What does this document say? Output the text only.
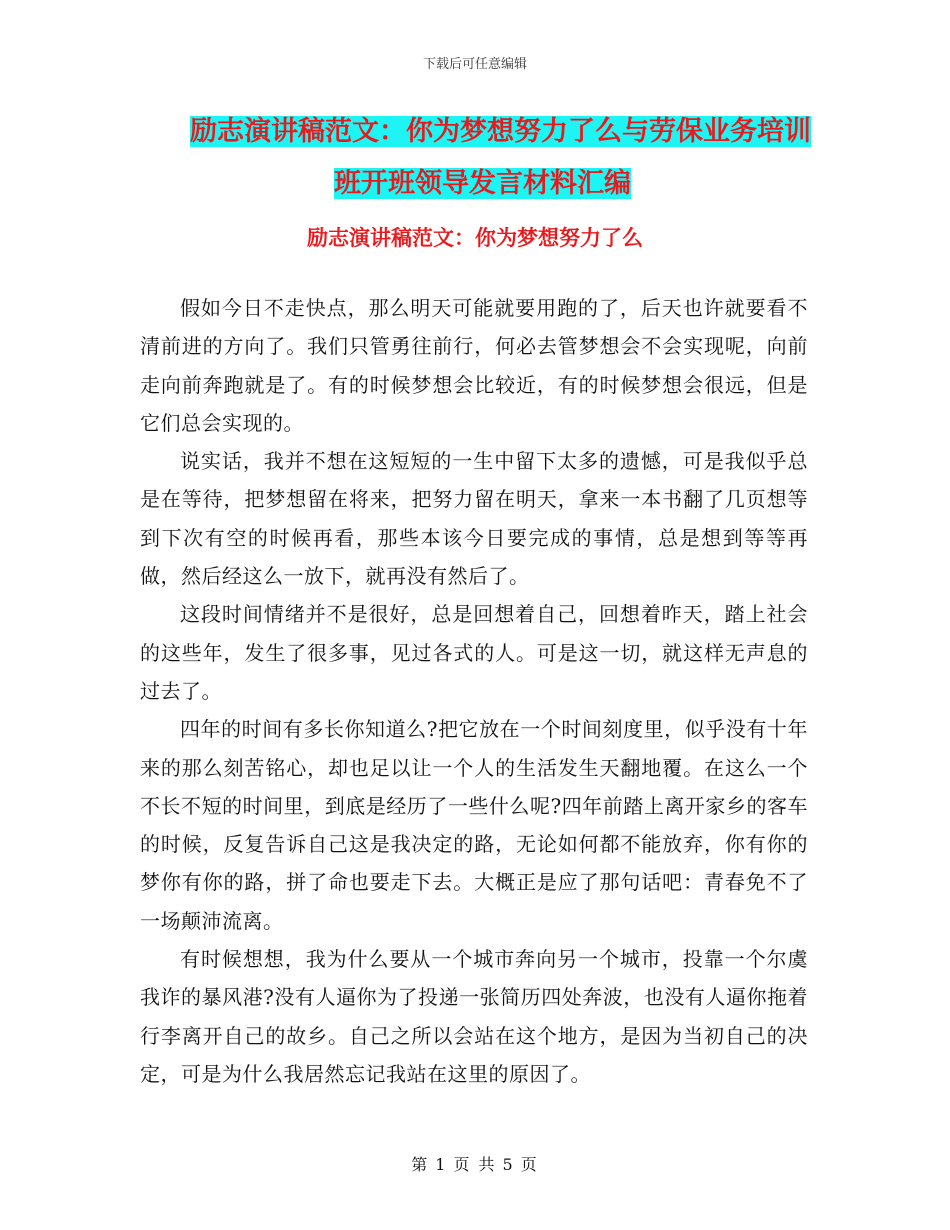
下载后可任意编辑
励志演讲稿范文：你为梦想努力了么与劳保业务培训
班开班领导发言材料汇编
励志演讲稿范文：你为梦想努力了么

假如今日不走快点，那么明天可能就要用跑的了，后天也许就要看不清前进的方向了。我们只管勇往前行，何必去管梦想会不会实现呢，向前走向前奔跑就是了。有的时候梦想会比较近，有的时候梦想会很远，但是它们总会实现的。

说实话，我并不想在这短短的一生中留下太多的遗憾，可是我似乎总是在等待，把梦想留在将来，把努力留在明天，拿来一本书翻了几页想等到下次有空的时候再看，那些本该今日要完成的事情，总是想到等等再做，然后经这么一放下，就再没有然后了。

这段时间情绪并不是很好，总是回想着自己，回想着昨天，踏上社会的这些年，发生了很多事，见过各式的人。可是这一切，就这样无声息的过去了。

四年的时间有多长你知道么?把它放在一个时间刻度里，似乎没有十年来的那么刻苦铭心，却也足以让一个人的生活发生天翻地覆。在这么一个不长不短的时间里，到底是经历了一些什么呢?四年前踏上离开家乡的客车的时候，反复告诉自己这是我决定的路，无论如何都不能放弃，你有你的梦你有你的路，拼了命也要走下去。大概正是应了那句话吧：青春免不了一场颠沛流离。

有时候想想，我为什么要从一个城市奔向另一个城市，投靠一个尔虞我诈的暴风港?没有人逼你为了投递一张简历四处奔波，也没有人逼你拖着行李离开自己的故乡。自己之所以会站在这个地方，是因为当初自己的决定，可是为什么我居然忘记我站在这里的原因了。

第 1 页 共 5 页
